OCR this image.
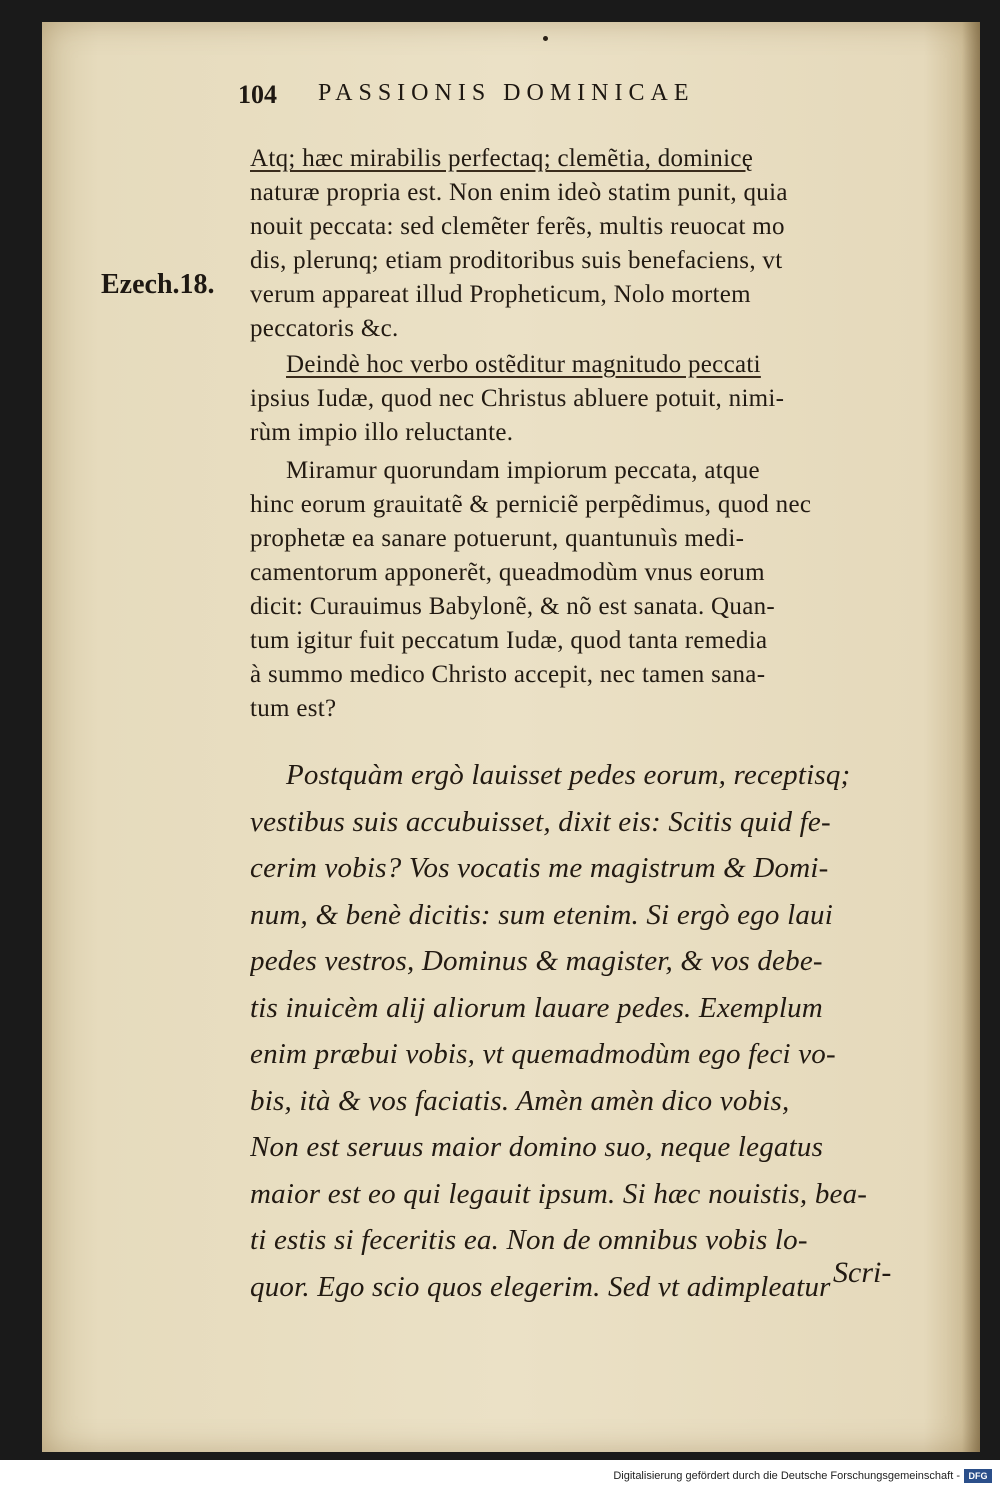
104 PASSIONIS DOMINICAE
Ezech.18.
Atq; hæc mirabilis perfectaq; clemẽtia, dominicę
naturæ propria est. Non enim ideò statim punit, quia
nouit peccata: sed clemẽter ferẽs, multis reuocat mo
dis, plerunq; etiam proditoribus suis benefaciens, vt
verum appareat illud Propheticum, Nolo mortem
peccatoris &c.
Deindè hoc verbo ostẽditur magnitudo peccati
ipsius Iudæ, quod nec Christus abluere potuit, nimi-
rùm impio illo reluctante.
Miramur quorundam impiorum peccata, atque
hinc eorum grauitatẽ & perniciẽ perpẽdimus, quod nec
prophetæ ea sanare potuerunt, quantunuìs medi-
camentorum apponerẽt, queadmodùm vnus eorum
dicit: Curauimus Babylonẽ, & nõ est sanata. Quan-
tum igitur fuit peccatum Iudæ, quod tanta remedia
à summo medico Christo accepit, nec tamen sana-
tum est?
Postquàm ergò lauisset pedes eorum, receptisq;
vestibus suis accubuisset, dixit eis: Scitis quid fe-
cerim vobis? Vos vocatis me magistrum & Domi-
num, & benè dicitis: sum etenim. Si ergò ego laui
pedes vestros, Dominus & magister, & vos debe-
tis inuicèm alij aliorum lauare pedes. Exemplum
enim præbui vobis, vt quemadmodùm ego feci vo-
bis, ità & vos faciatis. Amèn amèn dico vobis,
Non est seruus maior domino suo, neque legatus
maior est eo qui legauit ipsum. Si hæc nouistis, bea-
ti estis si feceritis ea. Non de omnibus vobis lo-
quor. Ego scio quos elegerim. Sed vt adimpleatur Scri-
Digitalisierung gefördert durch die Deutsche Forschungsgemeinschaft - DFG
